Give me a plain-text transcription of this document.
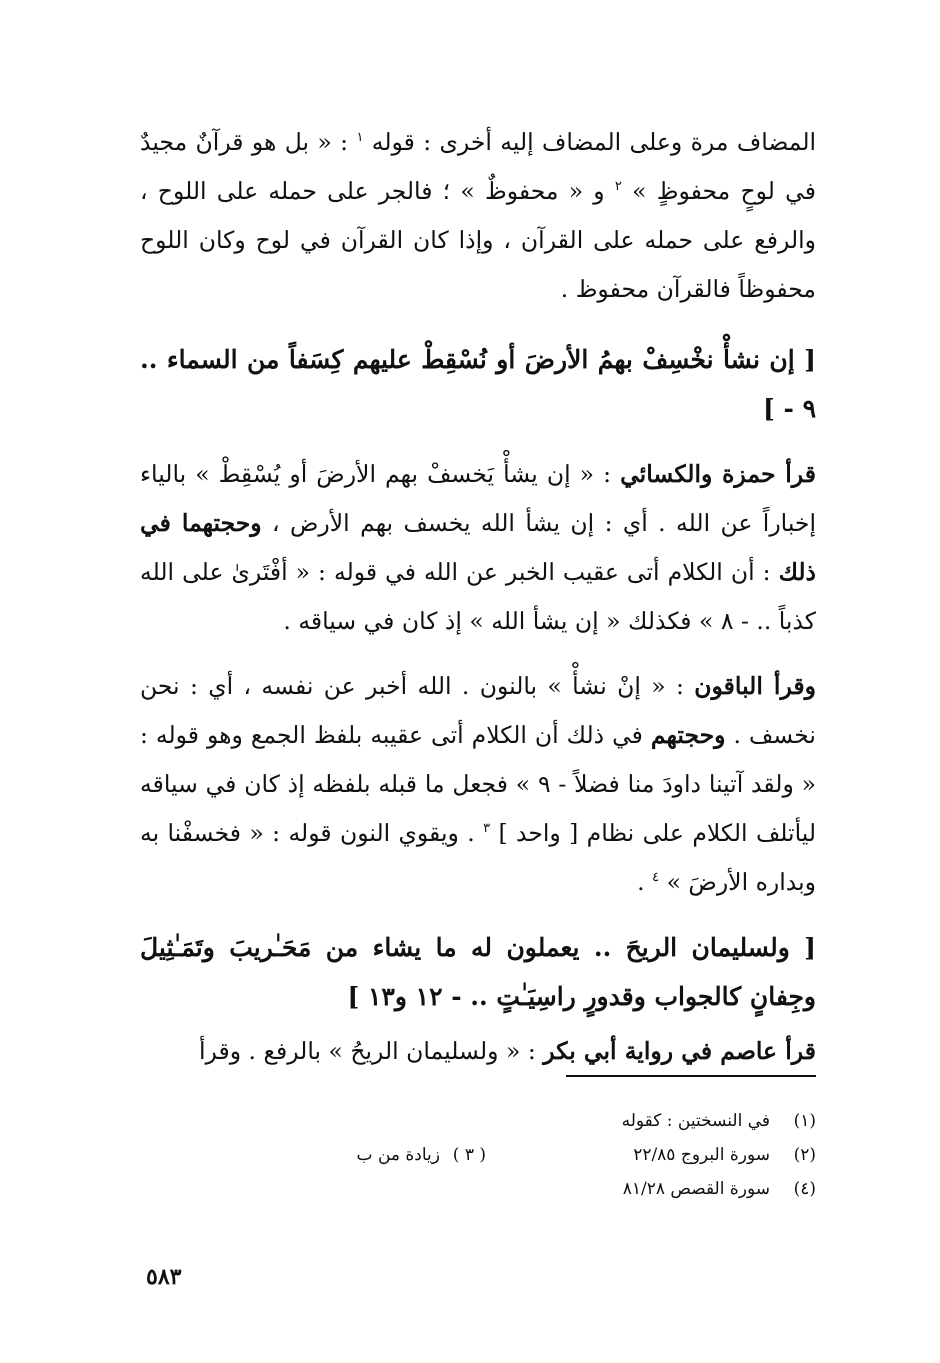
المضاف مرة وعلى المضاف إليه أخرى : قوله $^١$ : « بل هو قرآنٌ مجيدٌ في لوحٍ محفوظٍ » $^٢$ و « محفوظٌ » ؛ فالجر على حمله على اللوح ، والرفع على حمله على القرآن ، وإذا كان القرآن في لوح وكان اللوح محفوظاً فالقرآن محفوظ .

[ إن نشأْ نخْسِفْ بهمُ الأرضَ أو نُسْقِطْ عليهم كِسَفاً من السماء .. ٩ - ]

قرأ حمزة والكسائي : « إن يشأْ يَخسفْ بهم الأرضَ أو يُسْقِطْ » بالياء إخباراً عن الله . أي : إن يشأ الله يخسف بهم الأرض ، وحجتهما في ذلك : أن الكلام أتى عقيب الخبر عن الله في قوله : « أفْتَرىٰ على الله كذباً .. - ٨ » فكذلك « إن يشأ الله » إذ كان في سياقه .

وقرأ الباقون : « إنْ نشأْ » بالنون . الله أخبر عن نفسه ، أي : نحن نخسف . وحجتهم في ذلك أن الكلام أتى عقيبه بلفظ الجمع وهو قوله : « ولقد آتينا داودَ منا فضلاً - ٩ » فجعل ما قبله بلفظه إذ كان في سياقه ليأتلف الكلام على نظام [ واحد ] $^٣$ . ويقوي النون قوله : « فخسفْنا به وبداره الأرضَ » $^٤$ .

[ ولسليمان الريحَ .. يعملون له ما يشاء من مَحَـٰريبَ وتَمَـٰثِيلَ وجِفانٍ كالجواب وقدورٍ راسِيَـٰتٍ .. - ١٢ و١٣ ]

قرأ عاصم في رواية أبي بكر : « ولسليمان الريحُ » بالرفع . وقرأ

(١)
في النسختين : كقوله
(٢)
سورة البروج ٢٢/٨٥
( ٣ )
زيادة من ب
(٤)
سورة القصص ٨١/٢٨
٥٨٣
